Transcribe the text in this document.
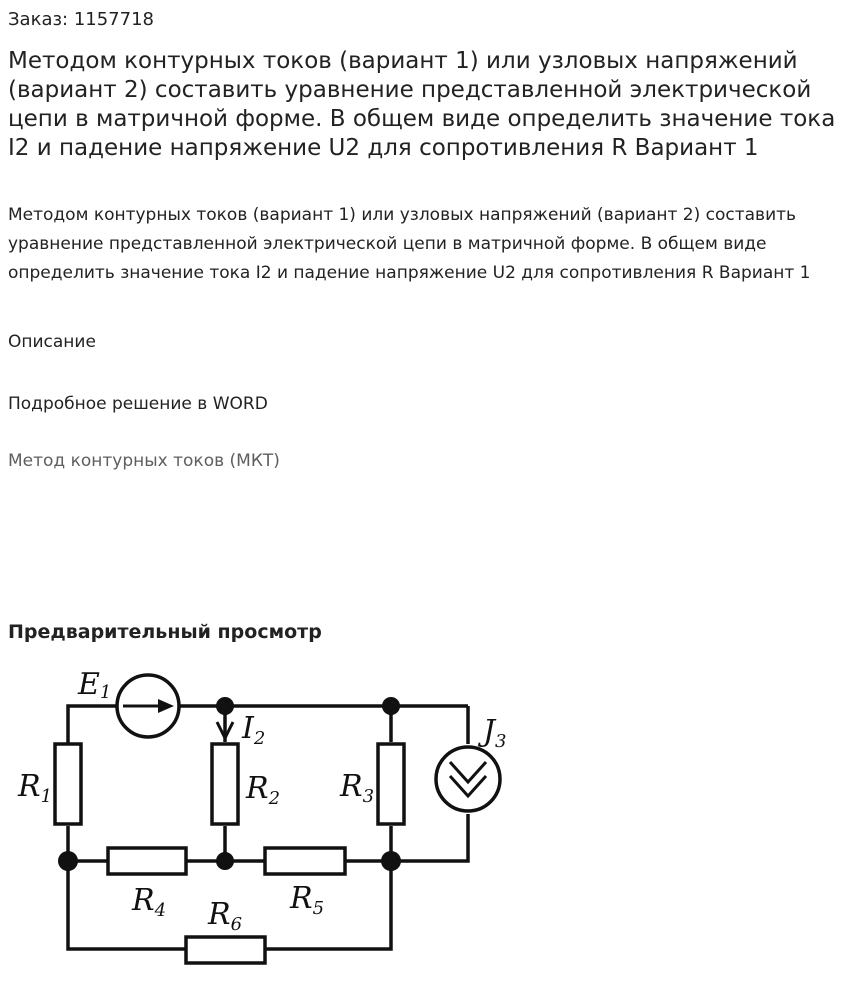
Заказ: 1157718
Методом контурных токов (вариант 1) или узловых напряжений (вариант 2) составить уравнение представленной электрической цепи в матричной форме. В общем виде определить значение тока I2 и падение напряжение U2 для сопротивления R Вариант 1

Методом контурных токов (вариант 1) или узловых напряжений (вариант 2) составить уравнение представленной электрической цепи в матричной форме. В общем виде определить значение тока I2 и падение напряжение U2 для сопротивления R Вариант 1

Описание
Подробное решение в WORD
Метод контурных токов (МКТ)
Предварительный просмотр
E1
$I_2$	$J_3$
$R_1$	$R_2$ $R_3$
$R_4$	$R_5$
$R_6$
